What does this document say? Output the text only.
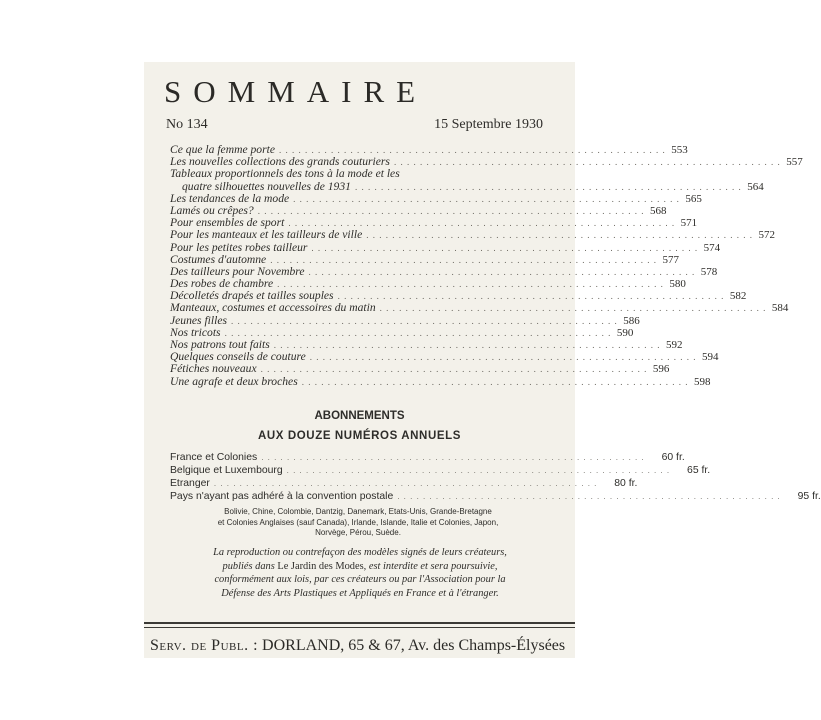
SOMMAIRE
No 134	15 Septembre 1930
Ce que la femme porte . . . . . . . . . . . . . . . . . . . . . . . . . . . . . . . . . . . . . . . . . . . . . . . . . . . . . . . . . . . . 553
Les nouvelles collections des grands couturiers . . . . . . . . . . . . . . . . . . . . . . . . . . . . . . . . . . . . . . . . . . . . . . . . . . . . . . . . . . . . 557
Tableaux proportionnels des tons à la mode et les
quatre silhouettes nouvelles de 1931 . . . . . . . . . . . . . . . . . . . . . . . . . . . . . . . . . . . . . . . . . . . . . . . . . . . . . . . . . . . . 564
Les tendances de la mode . . . . . . . . . . . . . . . . . . . . . . . . . . . . . . . . . . . . . . . . . . . . . . . . . . . . . . . . . . . . 565
Lamés ou crêpes? . . . . . . . . . . . . . . . . . . . . . . . . . . . . . . . . . . . . . . . . . . . . . . . . . . . . . . . . . . . . 568
Pour ensembles de sport . . . . . . . . . . . . . . . . . . . . . . . . . . . . . . . . . . . . . . . . . . . . . . . . . . . . . . . . . . . . 571
Pour les manteaux et les tailleurs de ville . . . . . . . . . . . . . . . . . . . . . . . . . . . . . . . . . . . . . . . . . . . . . . . . . . . . . . . . . . . . 572
Pour les petites robes tailleur . . . . . . . . . . . . . . . . . . . . . . . . . . . . . . . . . . . . . . . . . . . . . . . . . . . . . . . . . . . . 574
Costumes d'automne . . . . . . . . . . . . . . . . . . . . . . . . . . . . . . . . . . . . . . . . . . . . . . . . . . . . . . . . . . . . 577
Des tailleurs pour Novembre . . . . . . . . . . . . . . . . . . . . . . . . . . . . . . . . . . . . . . . . . . . . . . . . . . . . . . . . . . . . 578
Des robes de chambre . . . . . . . . . . . . . . . . . . . . . . . . . . . . . . . . . . . . . . . . . . . . . . . . . . . . . . . . . . . . 580
Décolletés drapés et tailles souples . . . . . . . . . . . . . . . . . . . . . . . . . . . . . . . . . . . . . . . . . . . . . . . . . . . . . . . . . . . . 582
Manteaux, costumes et accessoires du matin . . . . . . . . . . . . . . . . . . . . . . . . . . . . . . . . . . . . . . . . . . . . . . . . . . . . . . . . . . . . 584
Jeunes filles . . . . . . . . . . . . . . . . . . . . . . . . . . . . . . . . . . . . . . . . . . . . . . . . . . . . . . . . . . . . 586
Nos tricots . . . . . . . . . . . . . . . . . . . . . . . . . . . . . . . . . . . . . . . . . . . . . . . . . . . . . . . . . . . . 590
Nos patrons tout faits . . . . . . . . . . . . . . . . . . . . . . . . . . . . . . . . . . . . . . . . . . . . . . . . . . . . . . . . . . . . 592
Quelques conseils de couture . . . . . . . . . . . . . . . . . . . . . . . . . . . . . . . . . . . . . . . . . . . . . . . . . . . . . . . . . . . . 594
Fétiches nouveaux . . . . . . . . . . . . . . . . . . . . . . . . . . . . . . . . . . . . . . . . . . . . . . . . . . . . . . . . . . . . 596
Une agrafe et deux broches . . . . . . . . . . . . . . . . . . . . . . . . . . . . . . . . . . . . . . . . . . . . . . . . . . . . . . . . . . . . 598
ABONNEMENTS
AUX DOUZE NUMÉROS ANNUELS
France et Colonies . . . . . . . . . . . . . . . . . . . . . . . . . . . . . . . . . . . . . . . . . . . . . . . . . . . . . . . . . . . .	60 fr.
Belgique et Luxembourg . . . . . . . . . . . . . . . . . . . . . . . . . . . . . . . . . . . . . . . . . . . . . . . . . . . . . . . . . . . .	65 fr.
Etranger . . . . . . . . . . . . . . . . . . . . . . . . . . . . . . . . . . . . . . . . . . . . . . . . . . . . . . . . . . . .	80 fr.
Pays n'ayant pas adhéré à la convention postale . . . . . . . . . . . . . . . . . . . . . . . . . . . . . . . . . . . . . . . . . . . . . . . . . . . . . . . . . . . .	95 fr.
Bolivie, Chine, Colombie, Dantzig, Danemark, Etats-Unis, Grande-Bretagne
et Colonies Anglaises (sauf Canada), Irlande, Islande, Italie et Colonies, Japon,
Norvège, Pérou, Suède.
La reproduction ou contrefaçon des modèles signés de leurs créateurs,
publiés dans Le Jardin des Modes, est interdite et sera poursuivie,
conformément aux lois, par ces créateurs ou par l'Association pour la
Défense des Arts Plastiques et Appliqués en France et à l'étranger.
Serv. de Publ. : DORLAND, 65 & 67, Av. des Champs-Élysées
